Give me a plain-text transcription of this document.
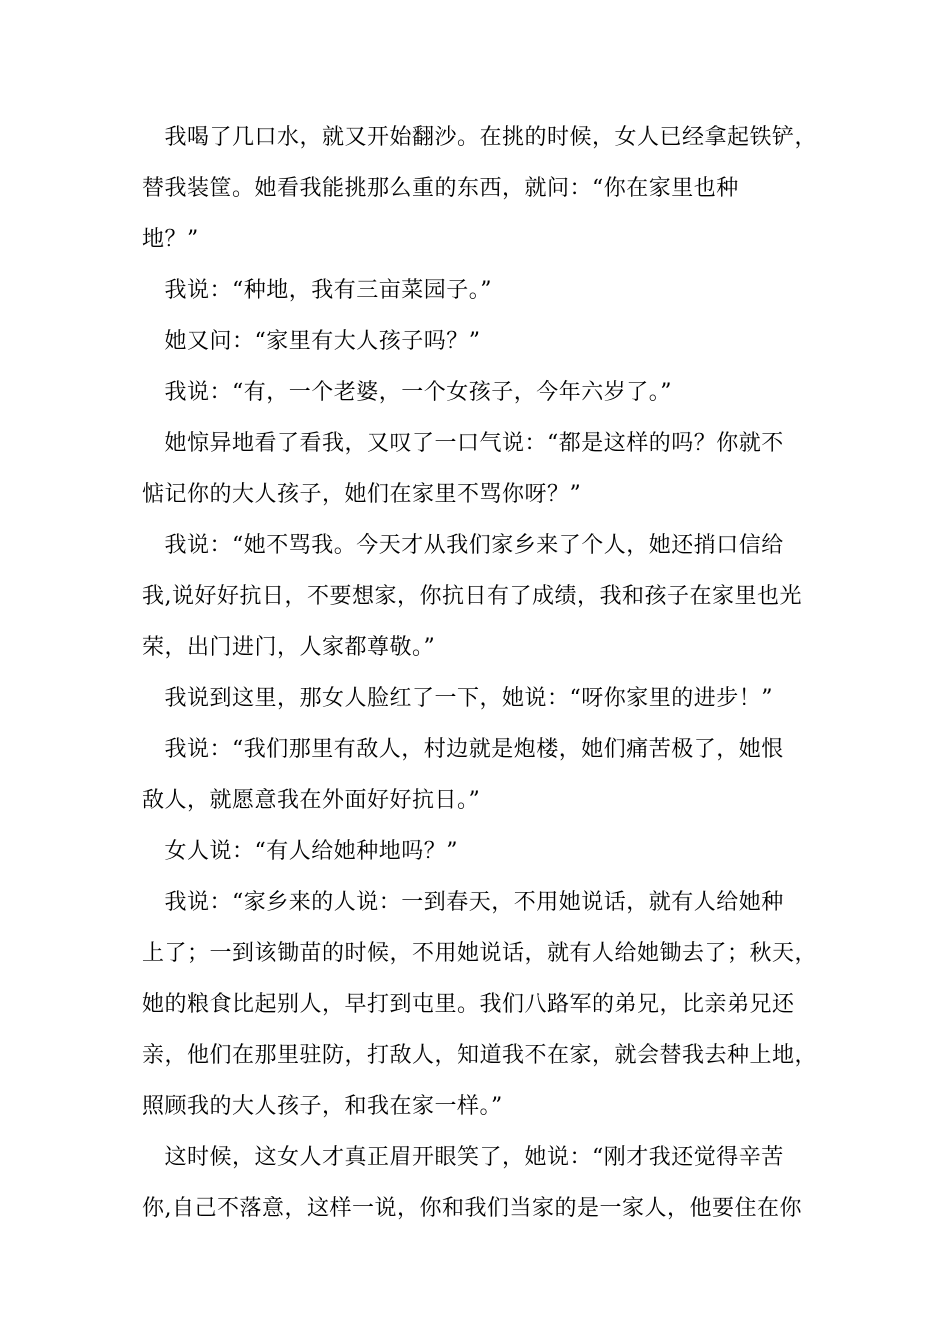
　我喝了几口水，就又开始翻沙。在挑的时候，女人已经拿起铁铲，
替我装筐。她看我能挑那么重的东西，就问：“你在家里也种
地？”
　我说：“种地，我有三亩菜园子。”
　她又问：“家里有大人孩子吗？”
　我说：“有，一个老婆，一个女孩子，今年六岁了。”
　她惊异地看了看我，又叹了一口气说：“都是这样的吗？你就不
惦记你的大人孩子，她们在家里不骂你呀？”
　我说：“她不骂我。今天才从我们家乡来了个人，她还捎口信给
我,说好好抗日，不要想家，你抗日有了成绩，我和孩子在家里也光
荣，出门进门，人家都尊敬。”
　我说到这里，那女人脸红了一下，她说：“呀你家里的进步！”
　我说：“我们那里有敌人，村边就是炮楼，她们痛苦极了，她恨
敌人，就愿意我在外面好好抗日。”
　女人说：“有人给她种地吗？”
　我说：“家乡来的人说：一到春天，不用她说话，就有人给她种
上了；一到该锄苗的时候，不用她说话，就有人给她锄去了；秋天，
她的粮食比起别人，早打到屯里。我们八路军的弟兄，比亲弟兄还
亲，他们在那里驻防，打敌人，知道我不在家，就会替我去种上地，
照顾我的大人孩子，和我在家一样。”
　这时候，这女人才真正眉开眼笑了，她说：“刚才我还觉得辛苦
你,自己不落意，这样一说，你和我们当家的是一家人，他要住在你
